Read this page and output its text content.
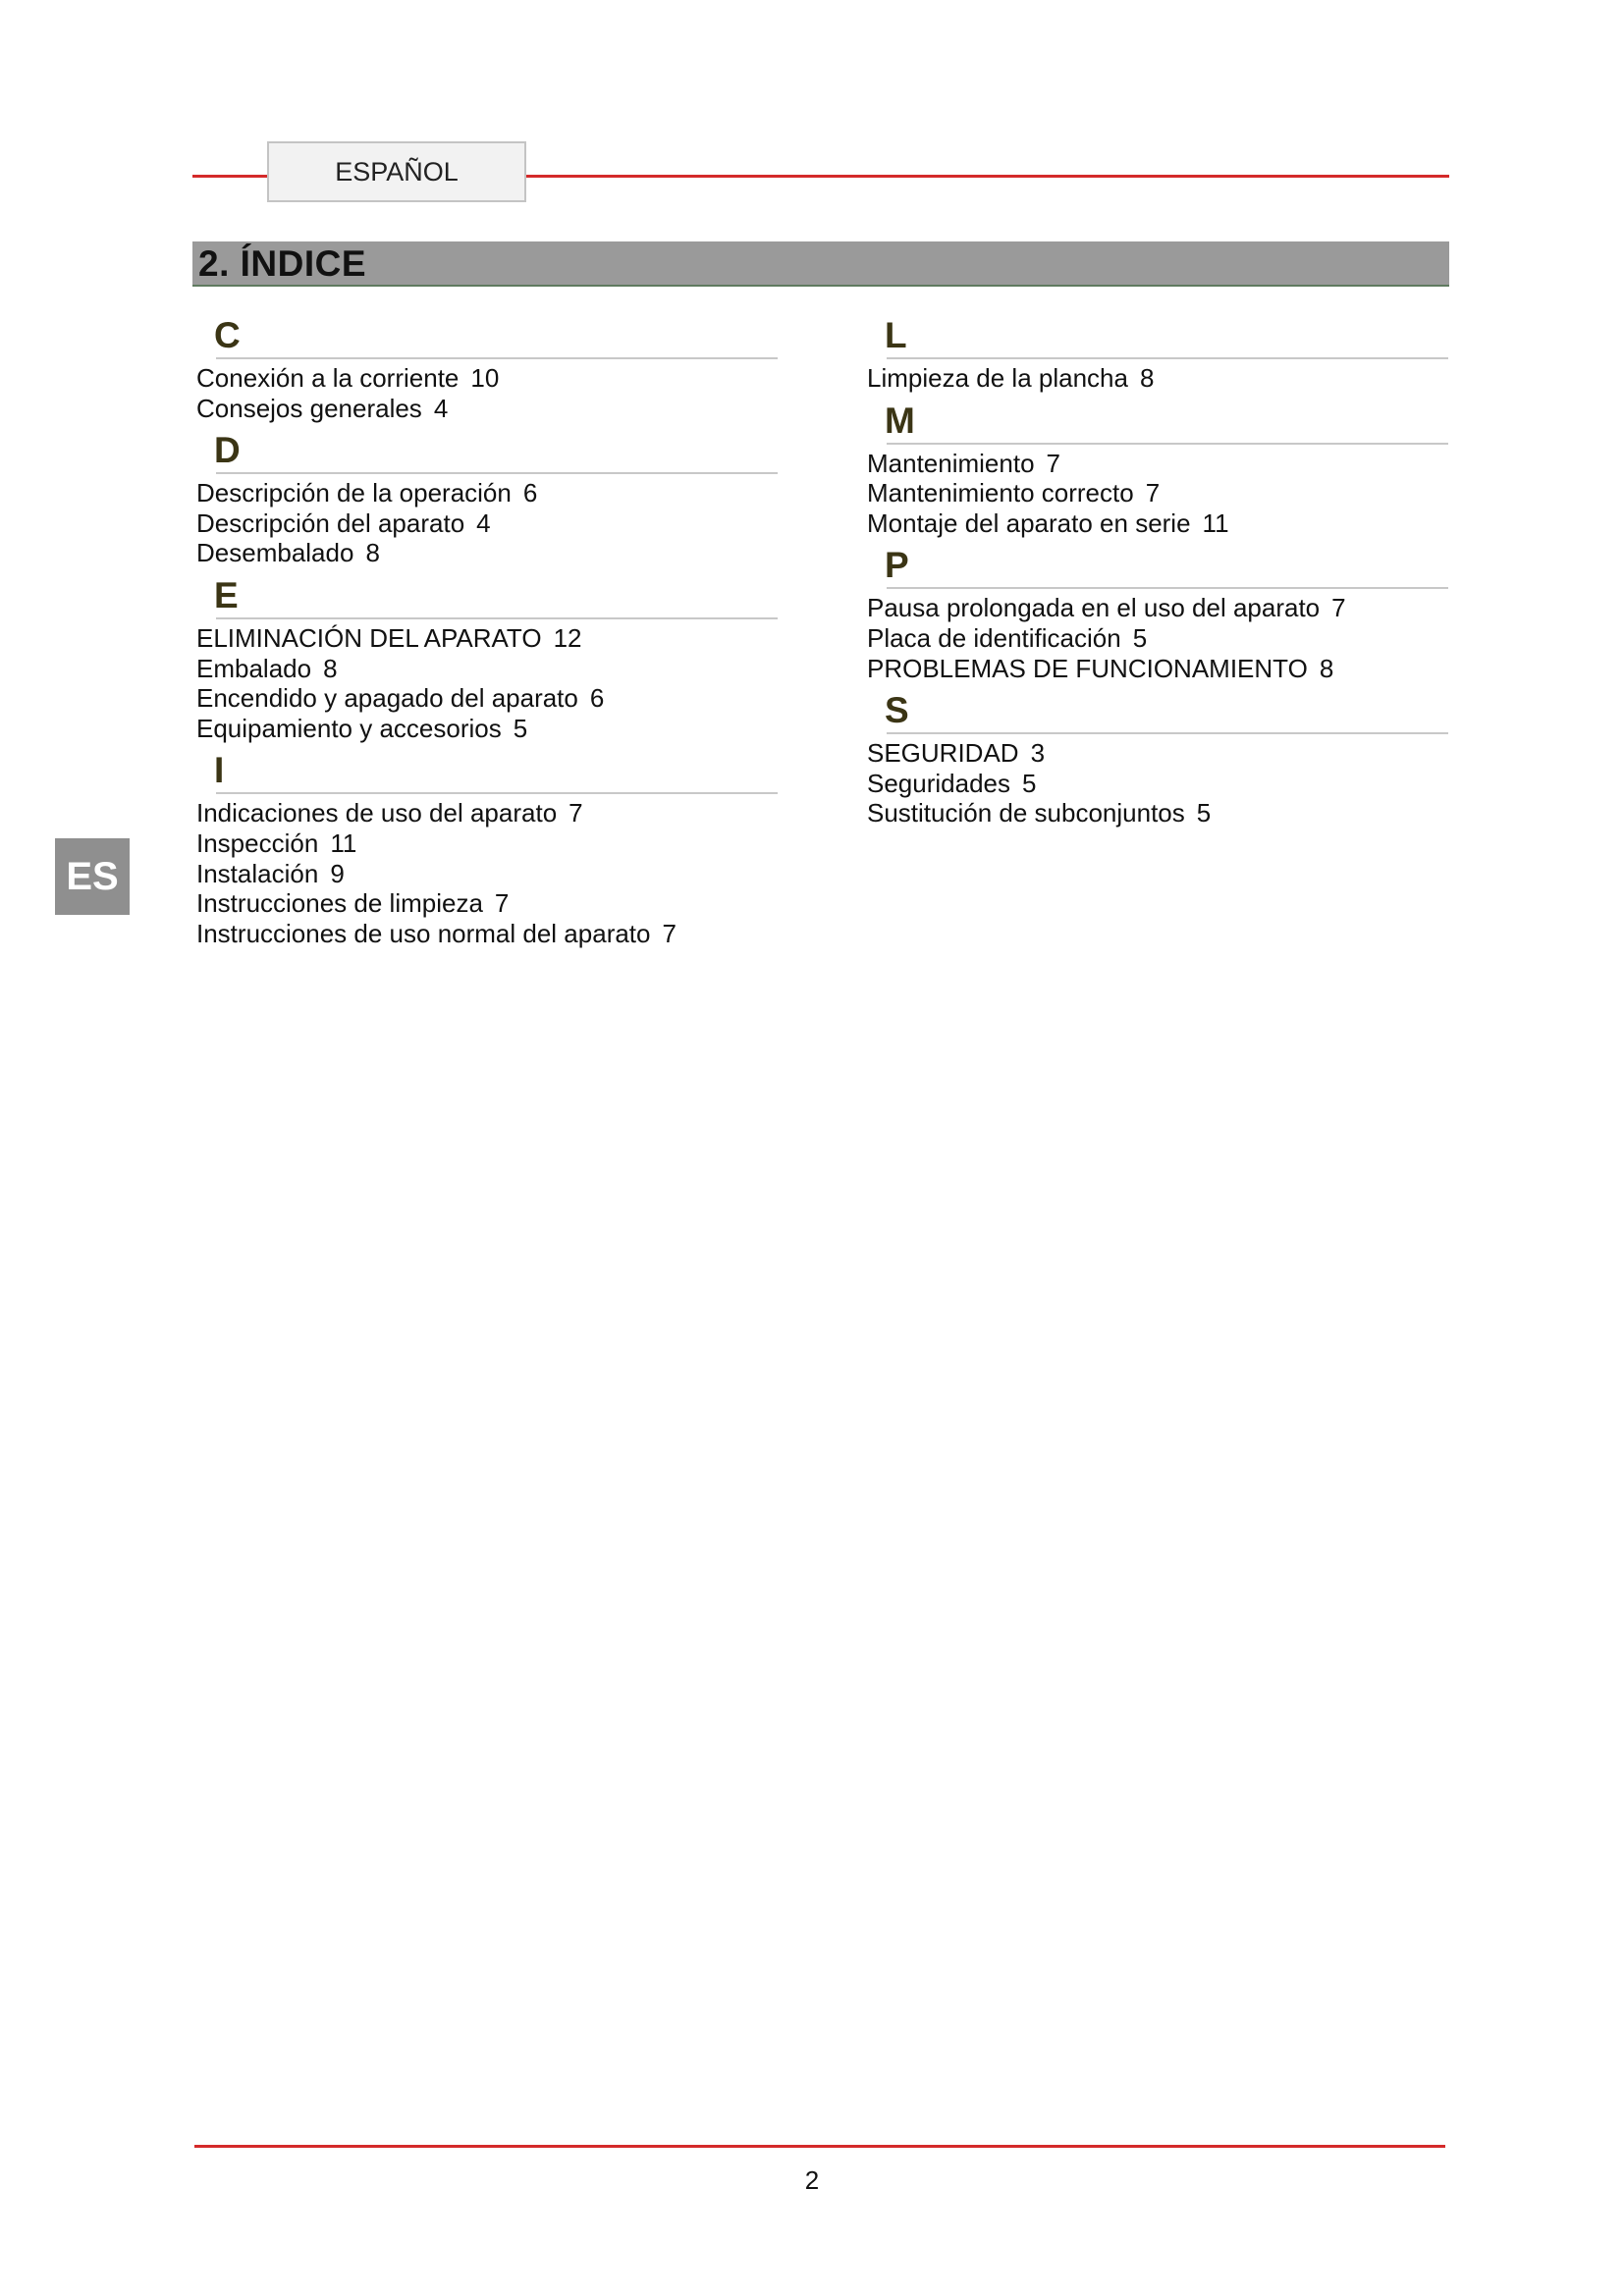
ESPAÑOL
2. ÍNDICE
ES
C
Conexión a la corriente 10
Consejos generales 4
D
Descripción de la operación 6
Descripción del aparato 4
Desembalado 8
E
ELIMINACIÓN DEL APARATO 12
Embalado 8
Encendido y apagado del aparato 6
Equipamiento y accesorios 5
I
Indicaciones de uso del aparato 7
Inspección 11
Instalación 9
Instrucciones de limpieza 7
Instrucciones de uso normal del aparato 7
L
Limpieza de la plancha 8
M
Mantenimiento 7
Mantenimiento correcto 7
Montaje del aparato en serie 11
P
Pausa prolongada en el uso del aparato 7
Placa de identificación 5
PROBLEMAS DE FUNCIONAMIENTO 8
S
SEGURIDAD 3
Seguridades 5
Sustitución de subconjuntos 5
2
